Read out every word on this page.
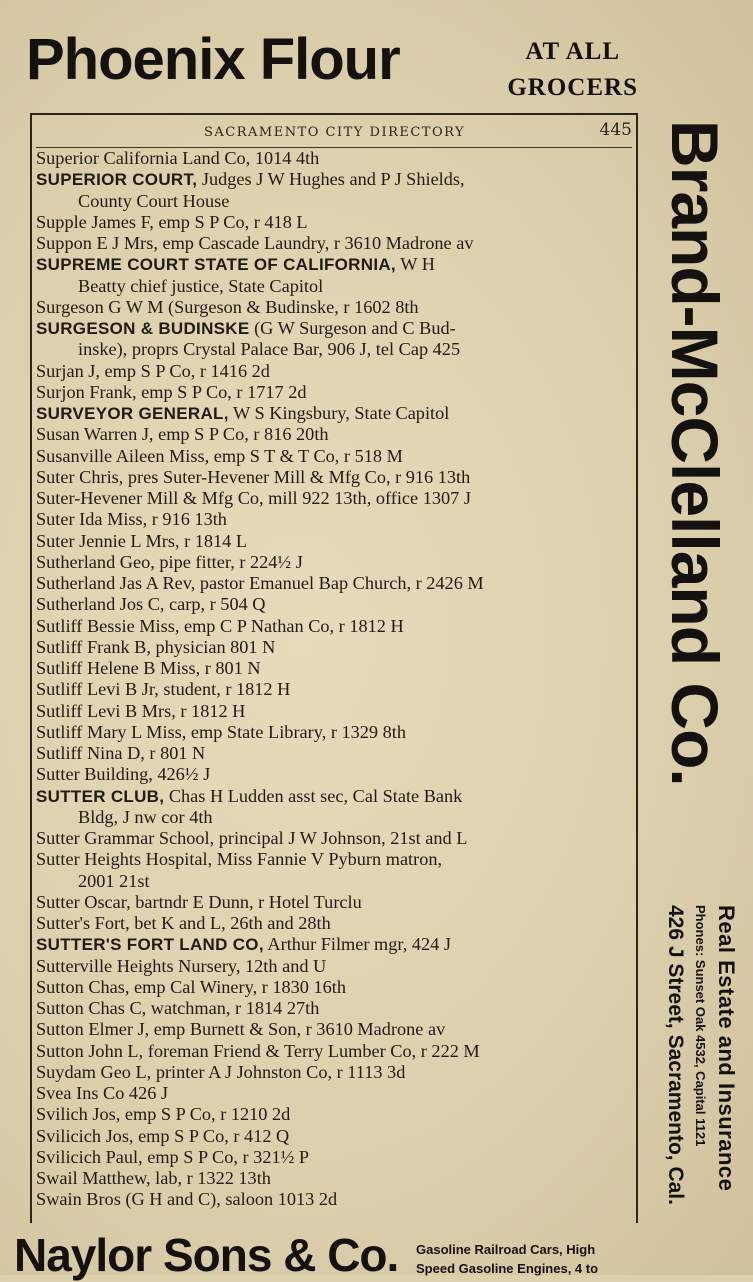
Phoenix Flour	AT ALL
GROCERS
SACRAMENTO CITY DIRECTORY	445
Superior California Land Co, 1014 4th
SUPERIOR COURT, Judges J W Hughes and P J Shields,
County Court House
Supple James F, emp S P Co, r 418 L
Suppon E J Mrs, emp Cascade Laundry, r 3610 Madrone av
SUPREME COURT STATE OF CALIFORNIA, W H
Beatty chief justice, State Capitol
Surgeson G W M (Surgeson & Budinske, r 1602 8th
SURGESON & BUDINSKE (G W Surgeson and C Bud-
inske), proprs Crystal Palace Bar, 906 J, tel Cap 425
Surjan J, emp S P Co, r 1416 2d
Surjon Frank, emp S P Co, r 1717 2d
SURVEYOR GENERAL, W S Kingsbury, State Capitol
Susan Warren J, emp S P Co, r 816 20th
Susanville Aileen Miss, emp S T & T Co, r 518 M
Suter Chris, pres Suter-Hevener Mill & Mfg Co, r 916 13th
Suter-Hevener Mill & Mfg Co, mill 922 13th, office 1307 J
Suter Ida Miss, r 916 13th
Suter Jennie L Mrs, r 1814 L
Sutherland Geo, pipe fitter, r 224½ J
Sutherland Jas A Rev, pastor Emanuel Bap Church, r 2426 M
Sutherland Jos C, carp, r 504 Q
Sutliff Bessie Miss, emp C P Nathan Co, r 1812 H
Sutliff Frank B, physician 801 N
Sutliff Helene B Miss, r 801 N
Sutliff Levi B Jr, student, r 1812 H
Sutliff Levi B Mrs, r 1812 H
Sutliff Mary L Miss, emp State Library, r 1329 8th
Sutliff Nina D, r 801 N
Sutter Building, 426½ J
SUTTER CLUB, Chas H Ludden asst sec, Cal State Bank
Bldg, J nw cor 4th
Sutter Grammar School, principal J W Johnson, 21st and L
Sutter Heights Hospital, Miss Fannie V Pyburn matron,
2001 21st
Sutter Oscar, bartndr E Dunn, r Hotel Turclu
Sutter's Fort, bet K and L, 26th and 28th
SUTTER'S FORT LAND CO, Arthur Filmer mgr, 424 J
Sutterville Heights Nursery, 12th and U
Sutton Chas, emp Cal Winery, r 1830 16th
Sutton Chas C, watchman, r 1814 27th
Sutton Elmer J, emp Burnett & Son, r 3610 Madrone av
Sutton John L, foreman Friend & Terry Lumber Co, r 222 M
Suydam Geo L, printer A J Johnston Co, r 1113 3d
Svea Ins Co 426 J
Svilich Jos, emp S P Co, r 1210 2d
Svilicich Jos, emp S P Co, r 412 Q
Svilicich Paul, emp S P Co, r 321½ P
Swail Matthew, lab, r 1322 13th
Swain Bros (G H and C), saloon 1013 2d
Brand-McClelland Co.
Real Estate and Insurance
Phones: Sunset Oak 4532, Capital 1121
426 J Street, Sacramento, Cal.
Naylor Sons & Co. Gasoline Railroad Cars, High
Speed Gasoline Engines, 4 to
